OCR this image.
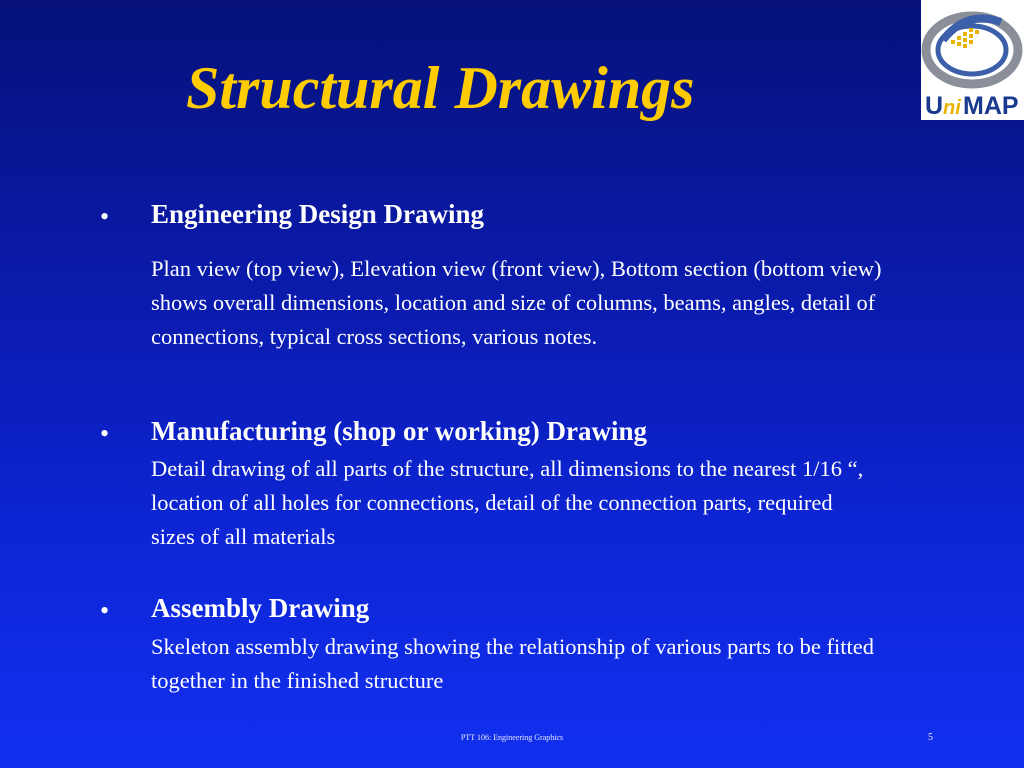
Structural Drawings	U ni MAP
• Engineering Design Drawing

Plan view (top view), Elevation view (front view), Bottom section (bottom view) shows overall dimensions, location and size of columns, beams, angles, detail of connections, typical cross sections, various notes.

• Manufacturing (shop or working) Drawing

Detail drawing of all parts of the structure, all dimensions to the nearest 1/16 “, location of all holes for connections, detail of the connection parts, required sizes of all materials

• Assembly Drawing

Skeleton assembly drawing showing the relationship of various parts to be fitted together in the finished structure

PTT 106: Engineering Graphics	5
